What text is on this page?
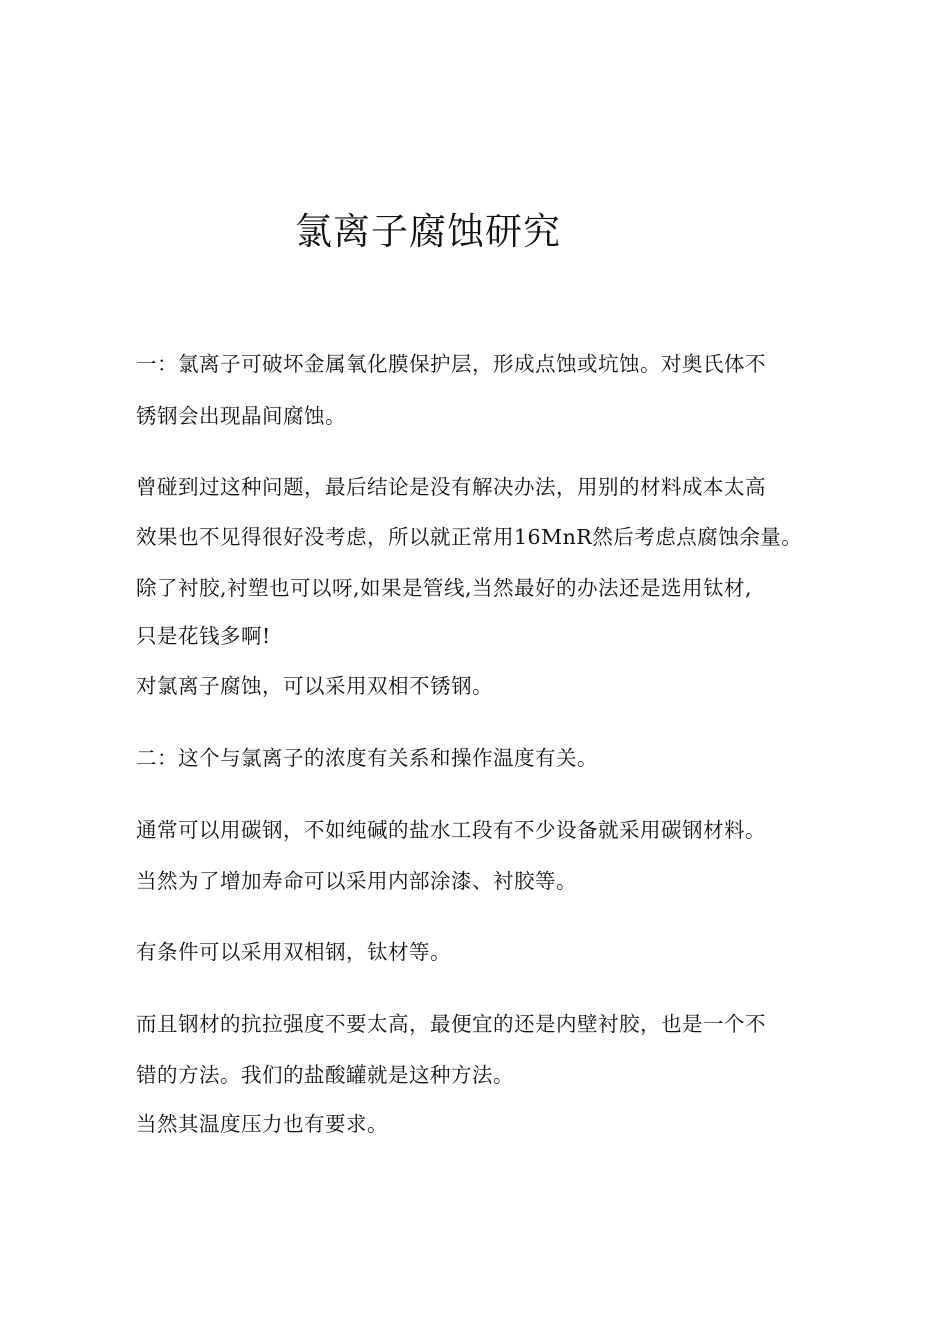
氯离子腐蚀研究
一：氯离子可破坏金属氧化膜保护层，形成点蚀或坑蚀。对奥氏体不
锈钢会出现晶间腐蚀。
曾碰到过这种问题，最后结论是没有解决办法，用别的材料成本太高
效果也不见得很好没考虑，所以就正常用16MnR然后考虑点腐蚀余量。
除了衬胶,衬塑也可以呀,如果是管线,当然最好的办法还是选用钛材,
只是花钱多啊!
对氯离子腐蚀，可以采用双相不锈钢。
二：这个与氯离子的浓度有关系和操作温度有关。
通常可以用碳钢，不如纯碱的盐水工段有不少设备就采用碳钢材料。
当然为了增加寿命可以采用内部涂漆、衬胶等。
有条件可以采用双相钢，钛材等。
而且钢材的抗拉强度不要太高，最便宜的还是内壁衬胶，也是一个不
错的方法。我们的盐酸罐就是这种方法。
当然其温度压力也有要求。
